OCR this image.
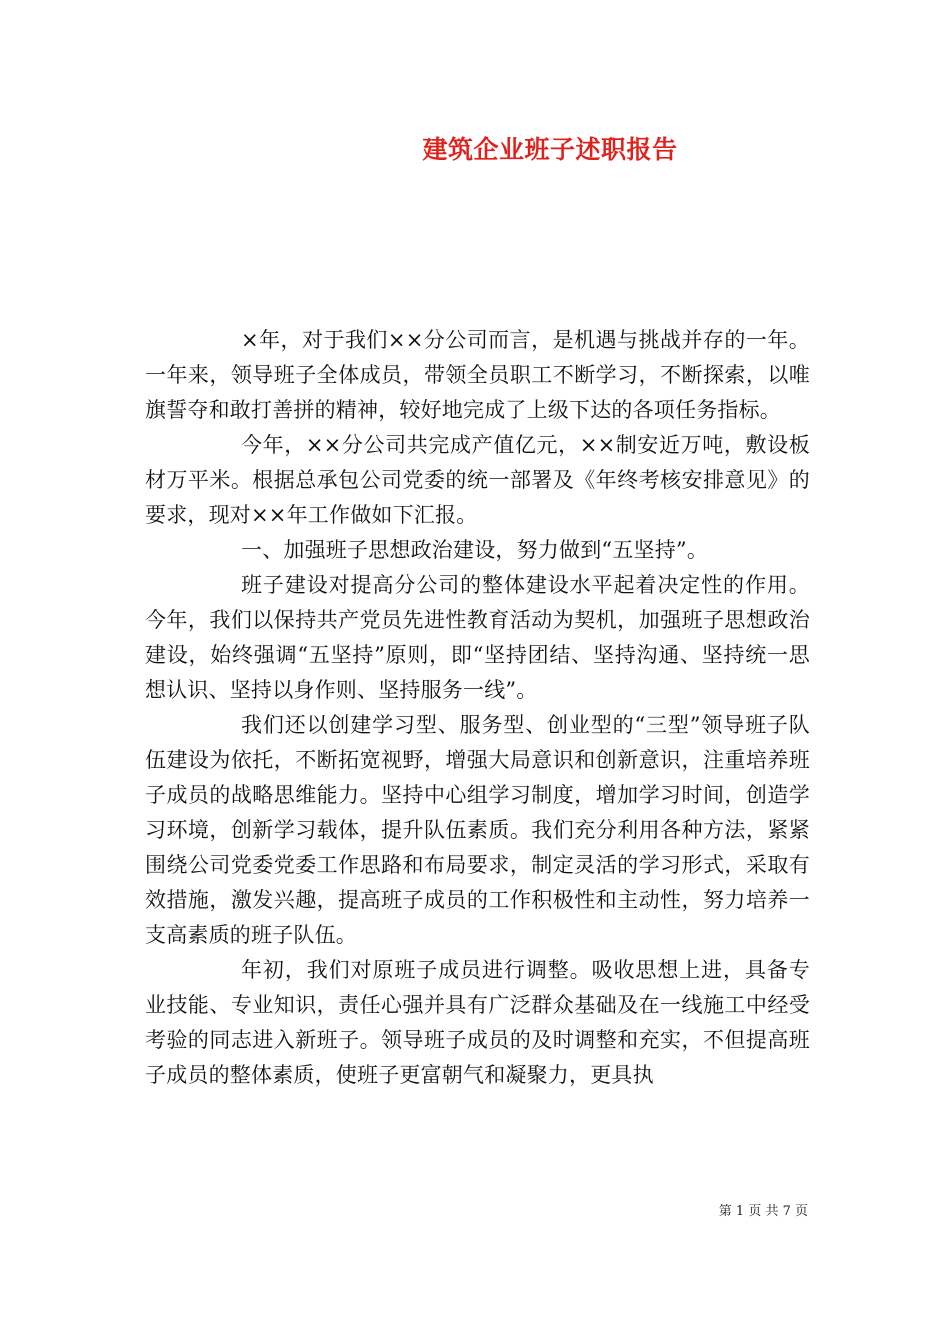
建筑企业班子述职报告

×年，对于我们××分公司而言，是机遇与挑战并存的一年。一年来，领导班子全体成员，带领全员职工不断学习，不断探索，以唯旗誓夺和敢打善拼的精神，较好地完成了上级下达的各项任务指标。

今年，××分公司共完成产值亿元，××制安近万吨，敷设板材万平米。根据总承包公司党委的统一部署及《年终考核安排意见》的要求，现对××年工作做如下汇报。

一、加强班子思想政治建设，努力做到“五坚持”。

班子建设对提高分公司的整体建设水平起着决定性的作用。今年，我们以保持共产党员先进性教育活动为契机，加强班子思想政治建设，始终强调“五坚持”原则，即“坚持团结、坚持沟通、坚持统一思想认识、坚持以身作则、坚持服务一线”。

我们还以创建学习型、服务型、创业型的“三型”领导班子队伍建设为依托，不断拓宽视野，增强大局意识和创新意识，注重培养班子成员的战略思维能力。坚持中心组学习制度，增加学习时间，创造学习环境，创新学习载体，提升队伍素质。我们充分利用各种方法，紧紧围绕公司党委党委工作思路和布局要求，制定灵活的学习形式，采取有效措施，激发兴趣，提高班子成员的工作积极性和主动性，努力培养一支高素质的班子队伍。

年初，我们对原班子成员进行调整。吸收思想上进，具备专业技能、专业知识，责任心强并具有广泛群众基础及在一线施工中经受考验的同志进入新班子。领导班子成员的及时调整和充实，不但提高班子成员的整体素质，使班子更富朝气和凝聚力，更具执

第 1 页 共 7 页
